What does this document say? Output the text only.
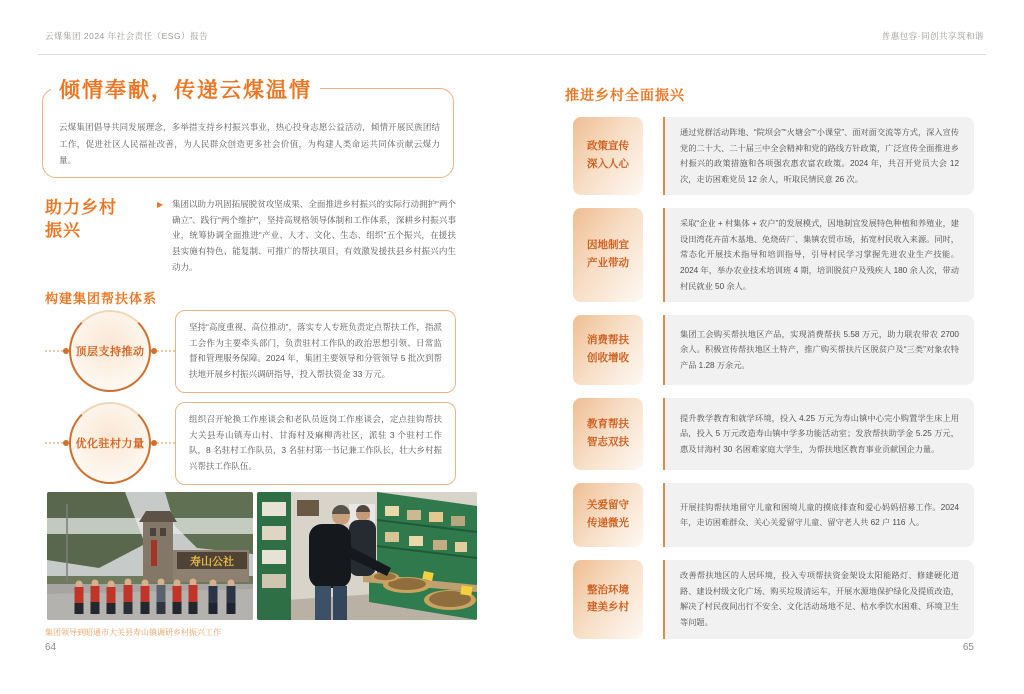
云煤集团 2024 年社会责任（ESG）报告	普惠包容·同创共享筑和谐
倾情奉献，传递云煤温情
云煤集团倡导共同发展理念，多举措支持乡村振兴事业，热心投身志愿公益活动，倾情开展民族团结工作，促进社区人民福祉改善，为人民群众创造更多社会价值，为构建人类命运共同体贡献云煤力量。
助力乡村
振兴
▶ 集团以助力巩固拓展脱贫攻坚成果、全面推进乡村振兴的实际行动拥护“两个确立”、践行“两个维护”，坚持高规格领导体制和工作体系，深耕乡村振兴事业，统筹协调全面推进“产业、人才、文化、生态、组织”五个振兴，在援扶县实施有特色、能复制、可推广的帮扶项目，有效激发援扶县乡村振兴内生动力。
构建集团帮扶体系
顶层支持推动
坚持“高度重视、高位推动”，落实专人专班负责定点帮扶工作，指派工会作为主要牵头部门，负责驻村工作队的政治思想引领、日常监督和管理服务保障。2024 年，集团主要领导和分管领导 5 批次到帮扶地开展乡村振兴调研指导，投入帮扶资金 33 万元。
优化驻村力量
组织召开轮换工作座谈会和老队员返岗工作座谈会，定点挂钩帮扶大关县寿山镇寿山村、甘海村及麻柳湾社区，派驻 3 个驻村工作队，8 名驻村工作队员，3 名驻村第一书记兼工作队长，壮大乡村振兴帮扶工作队伍。
寿山公社
集团领导到昭通市大关县寿山镇调研乡村振兴工作
64
推进乡村全面振兴
政策宣传
深入人心
通过党群活动阵地、“院坝会”“火塘会”“小课堂”、面对面交流等方式，深入宣传党的二十大、二十届三中全会精神和党的路线方针政策，广泛宣传全面推进乡村振兴的政策措施和各项强农惠农富农政策。2024 年，共召开党员大会 12 次，走访困难党员 12 余人，听取民情民意 26 次。
因地制宜
产业带动
采取“企业 + 村集体 + 农户”的发展模式，因地制宜发展特色种植和养殖业，建设田湾花卉苗木基地、免烧砖厂、集镇农贸市场，拓宽村民收入来源。同时，常态化开展技术指导和培训指导，引导村民学习掌握先进农业生产技能。2024 年，举办农业技术培训班 4 期，培训脱贫户及残疾人 180 余人次，带动村民就业 50 余人。
消费帮扶
创收增收
集团工会购买帮扶地区产品，实现消费帮扶 5.58 万元，助力联农带农 2700 余人。积极宣传帮扶地区土特产，推广购买帮扶片区脱贫户及“三类”对象农特产品 1.28 万余元。
教育帮扶
智志双扶
提升教学教育和就学环境，投入 4.25 万元为寿山镇中心完小购置学生床上用品，投入 5 万元改造寿山镇中学多功能活动室；发放帮扶助学金 5.25 万元，惠及甘海村 30 名困难家庭大学生，为帮扶地区教育事业贡献国企力量。
关爱留守
传递微光
开展挂钩帮扶地留守儿童和困境儿童的摸底排查和爱心妈妈招募工作。2024 年，走访困难群众、关心关爱留守儿童、留守老人共 62 户 116 人。
整治环境
建美乡村
改善帮扶地区的人居环境，投入专项帮扶资金架设太阳能路灯、修建硬化道路、建设村级文化广场、购买垃圾清运车，开展水源地保护绿化及提质改造，解决了村民夜间出行不安全、文化活动场地不足、枯水季饮水困难、环境卫生等问题。
65
